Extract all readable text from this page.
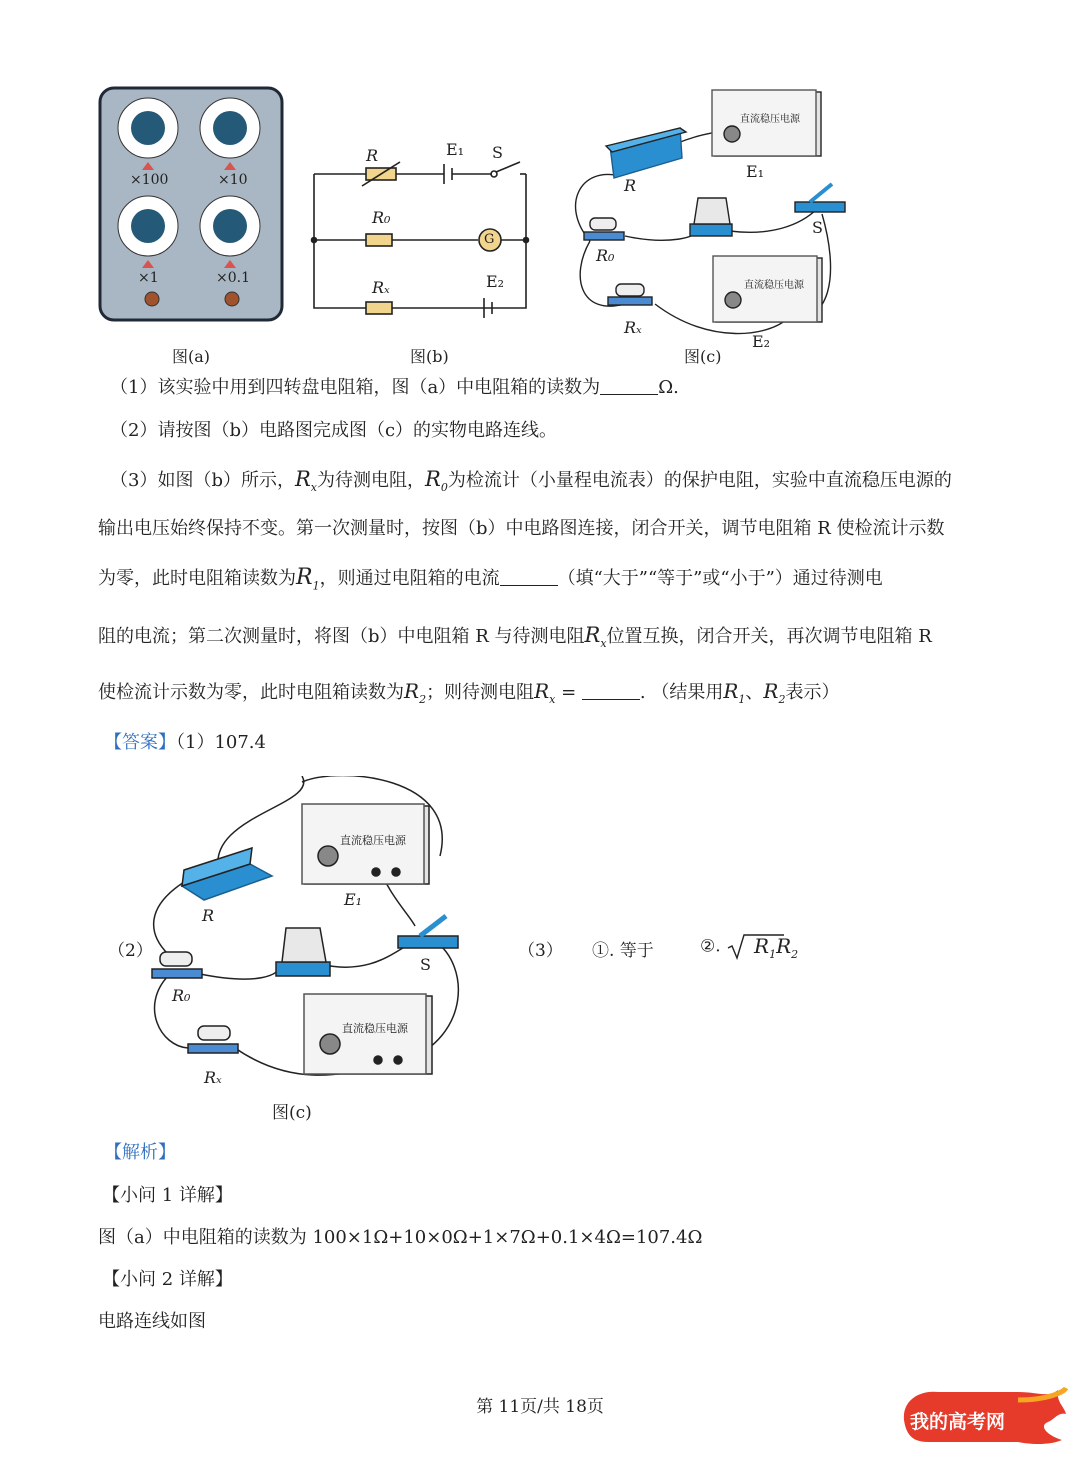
×100	×10
×1	×0.1
图(a)
R	E₁ S
R₀
G
Rₓ	E₂
图(b)
直流稳压电源
直流稳压电源
R
E₁
S
R₀
Rₓ
E₂
图(c)
（1）该实验中用到四转盘电阻箱，图（a）中电阻箱的读数为	Ω.
（2）请按图（b）电路图完成图（c）的实物电路连线。
（3）如图（b）所示，$R_x$为待测电阻，$R_0$为检流计（小量程电流表）的保护电阻，实验中直流稳压电源的
输出电压始终保持不变。第一次测量时，按图（b）中电路图连接，闭合开关，调节电阻箱 R 使检流计示数
为零，此时电阻箱读数为$R_1$，则通过电阻箱的电流	（填“大于”“等于”或“小于”）通过待测电
阻的电流；第二次测量时，将图（b）中电阻箱 R 与待测电阻$R_x$位置互换，闭合开关，再次调节电阻箱 R
使检流计示数为零，此时电阻箱读数为$R_2$；则待测电阻$R_x$ =	. （结果用$R_1$、$R_2$表示）
【答案】（1）107.4
（2）
直流稳压电源
直流稳压电源
R
E₁
S
R₀
Rₓ
图(c)
（3） ①. 等于	②.	$R_1R_2$
【解析】
【小问 1 详解】
图（a）中电阻箱的读数为 100×1Ω+10×0Ω+1×7Ω+0.1×4Ω=107.4Ω
【小问 2 详解】
电路连线如图
第 11页/共 18页
我的高考网
